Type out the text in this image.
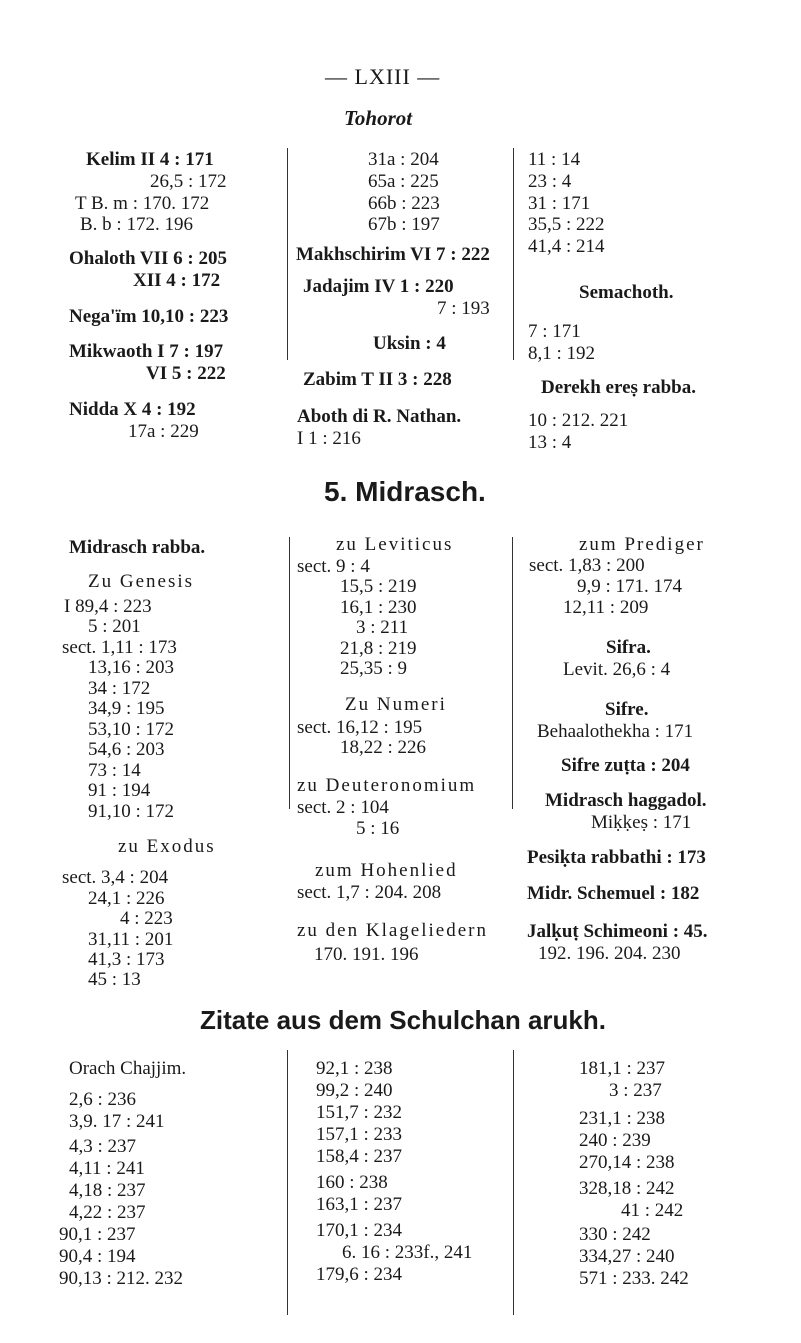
— LXIII —
Tohorot
Kelim II 4 : 171
26,5 : 172
T B. m : 170. 172
B. b : 172. 196
Ohaloth VII 6 : 205
XII 4 : 172
Nega'ïm 10,10 : 223
Mikwaoth I 7 : 197
VI 5 : 222
Nidda X 4 : 192
17a : 229
31a : 204
65a : 225
66b : 223
67b : 197
Makhschirim VI 7 : 222
Jadajim IV 1 : 220
7 : 193
Uksin : 4
Zabim T II 3 : 228
Aboth di R. Nathan.
I 1 : 216
11 : 14
23 : 4
31 : 171
35,5 : 222
41,4 : 214
Semachoth.
7 : 171
8,1 : 192
Derekh ereṣ rabba.
10 : 212. 221
13 : 4
5. Midrasch.
Midrasch rabba.
Zu Genesis
I 89,4 : 223
5 : 201
sect. 1,11 : 173
13,16 : 203
34 : 172
34,9 : 195
53,10 : 172
54,6 : 203
73 : 14
91 : 194
91,10 : 172
zu Exodus
sect. 3,4 : 204
24,1 : 226
4 : 223
31,11 : 201
41,3 : 173
45 : 13
zu Leviticus
sect. 9 : 4
15,5 : 219
16,1 : 230
3 : 211
21,8 : 219
25,35 : 9
Zu Numeri
sect. 16,12 : 195
18,22 : 226
zu Deuteronomium
sect. 2 : 104
5 : 16
zum Hohenlied
sect. 1,7 : 204. 208
zu den Klageliedern
170. 191. 196
zum Prediger
sect. 1,83 : 200
9,9 : 171. 174
12,11 : 209
Sifra.
Levit. 26,6 : 4
Sifre.
Behaalothekha : 171
Sifre zuṭta : 204
Midrasch haggadol.
Miḳḳeṣ : 171
Pesiḳta rabbathi : 173
Midr. Schemuel : 182
Jalḳuṭ Schimeoni : 45.
192. 196. 204. 230
Zitate aus dem Schulchan arukh.
Orach Chajjim.
2,6 : 236
3,9. 17 : 241
4,3 : 237
4,11 : 241
4,18 : 237
4,22 : 237
90,1 : 237
90,4 : 194
90,13 : 212. 232
92,1 : 238
99,2 : 240
151,7 : 232
157,1 : 233
158,4 : 237
160 : 238
163,1 : 237
170,1 : 234
6. 16 : 233f., 241
179,6 : 234
181,1 : 237
3 : 237
231,1 : 238
240 : 239
270,14 : 238
328,18 : 242
41 : 242
330 : 242
334,27 : 240
571 : 233. 242
